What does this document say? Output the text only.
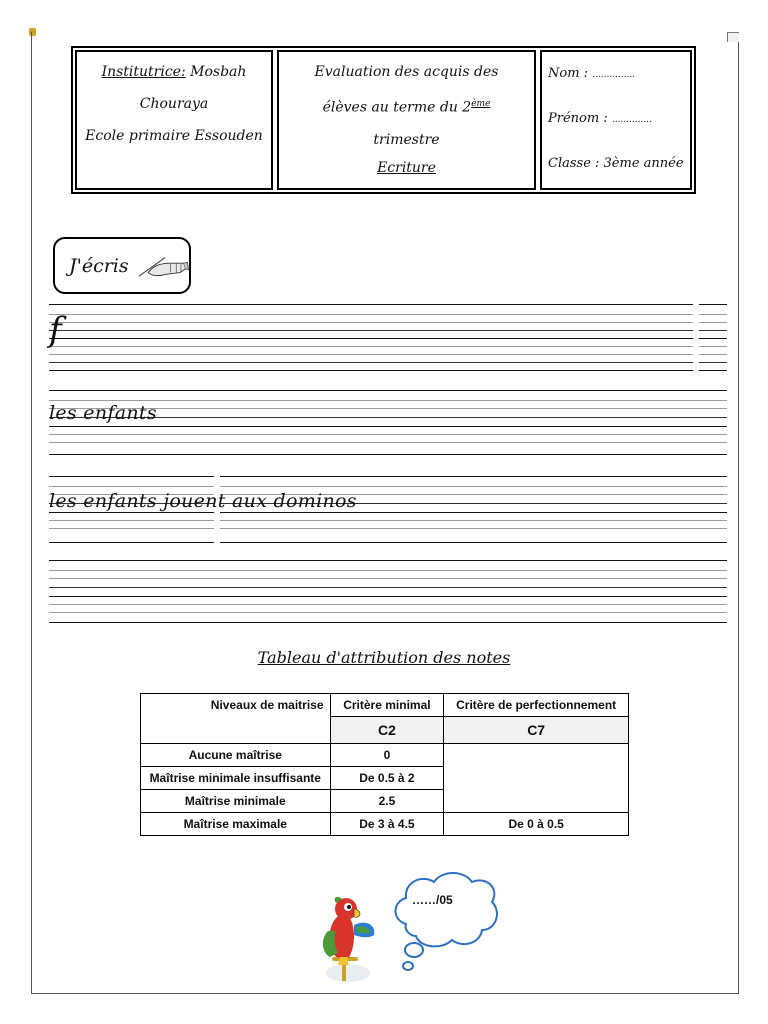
Institutrice: Mosbah
Chouraya
Ecole primaire Essouden
Evaluation des acquis des
élèves au terme du 2ème
trimestre
Ecriture
Nom : ...............
Prénom : ..............
Classe : 3ème année
J'écris
f
les enfants
les enfants jouent aux dominos
Tableau d'attribution des notes
Niveaux de maitrise	Critère minimal	Critère de perfectionnement
	C2	C7
Aucune maîtrise	0	
Maîtrise minimale insuffisante	De 0.5 à 2	
Maîtrise minimale	2.5	
Maîtrise maximale	De 3 à 4.5	De 0 à 0.5
……/05
